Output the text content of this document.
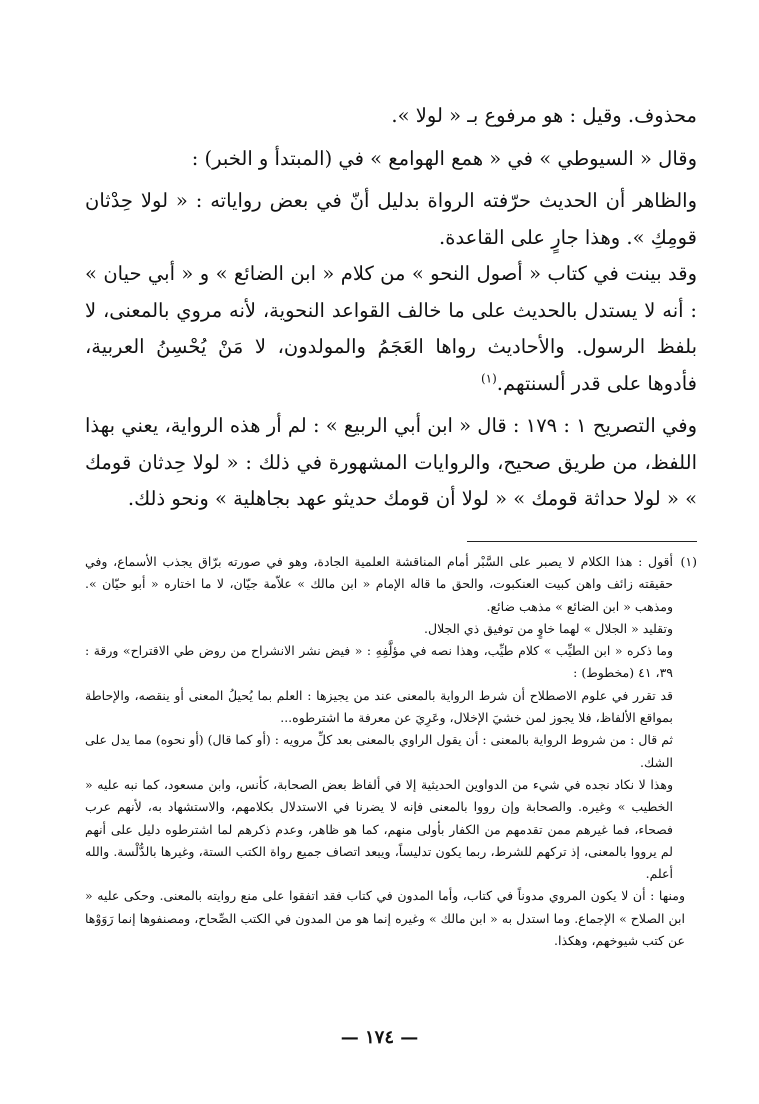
محذوف. وقيل : هو مرفوع بـ « لولا ».

وقال « السيوطي » في « همع الهوامع » في (المبتدأ و الخبر) :

والظاهر أن الحديث حرّفته الرواة بدليل أنّ في بعض رواياته : « لولا حِدْثان قومِكِ ». وهذا جارٍ على القاعدة.

وقد بينت في كتاب « أصول النحو » من كلام « ابن الضائع » و « أبي حيان » : أنه لا يستدل بالحديث على ما خالف القواعد النحوية، لأنه مروي بالمعنى، لا بلفظ الرسول. والأحاديث رواها العَجَمُ والمولدون، لا مَنْ يُحْسِنُ العربية، فأدوها على قدر ألسنتهم.$^{(١)}$

وفي التصريح ١ : ١٧٩ : قال « ابن أبي الربيع » : لم أر هذه الرواية، يعني بهذا اللفظ، من طريق صحيح، والروايات المشهورة في ذلك : « لولا حِدثان قومك » « لولا حداثة قومك » « لولا أن قومك حديثو عهد بجاهلية » ونحو ذلك.

(١)
أقول : هذا الكلام لا يصبر على السَّبْر أمام المناقشة العلمية الجادة، وهو في صورته برّاق يجذب الأسماع، وفي حقيقته زائف واهن كبيت العنكبوت، والحق ما قاله الإمام « ابن مالك » علاّمة جيّان، لا ما اختاره « أبو حيّان ». ومذهب « ابن الضائع » مذهب ضائع.

وتقليد « الجلال » لهما خاوٍ من توفيق ذي الجلال.

وما ذكره « ابن الطيِّب » كلام طيِّب، وهذا نصه في مؤلَّفِهِ : « فيض نشر الانشراح من روض طي الاقتراح» ورقة : ٣٩، ٤١ (مخطوط) :

قد تقرر في علوم الاصطلاح أن شرط الرواية بالمعنى عند من يجيزها : العلم بما يُحيلُ المعنى أو ينقصه، والإحاطة بمواقع الألفاظ، فلا يجوز لمن خشيَ الإخلال، وعَرِيَ عن معرفة ما اشترطوه...

ثم قال : من شروط الرواية بالمعنى : أن يقول الراوي بالمعنى بعد كلِّ مرويه : (أو كما قال) (أو نحوه) مما يدل على الشك.

وهذا لا نكاد نجده في شيء من الدواوين الحديثية إلا في ألفاظ بعض الصحابة، كأنس، وابن مسعود، كما نبه عليه « الخطيب » وغيره. والصحابة وإن رووا بالمعنى فإنه لا يضرنا في الاستدلال بكلامهم، والاستشهاد به، لأنهم عرب فصحاء، فما غيرهم ممن تقدمهم من الكفار بأولى منهم، كما هو ظاهر، وعدم ذكرهم لما اشترطوه دليل على أنهم لم يرووا بالمعنى، إذ تركهم للشرط، ربما يكون تدليساً، ويبعد اتصاف جميع رواة الكتب الستة، وغيرها بالدُّلْسة. والله أعلم.

ومنها : أن لا يكون المروي مدوناً في كتاب، وأما المدون في كتاب فقد اتفقوا على منع روايته بالمعنى. وحكى عليه « ابن الصلاح » الإجماع. وما استدل به « ابن مالك » وغيره إنما هو من المدون في الكتب الصِّحاح، ومصنفوها إنما رَوَوْها عن كتب شيوخهم، وهكذا.

— ١٧٤ —
